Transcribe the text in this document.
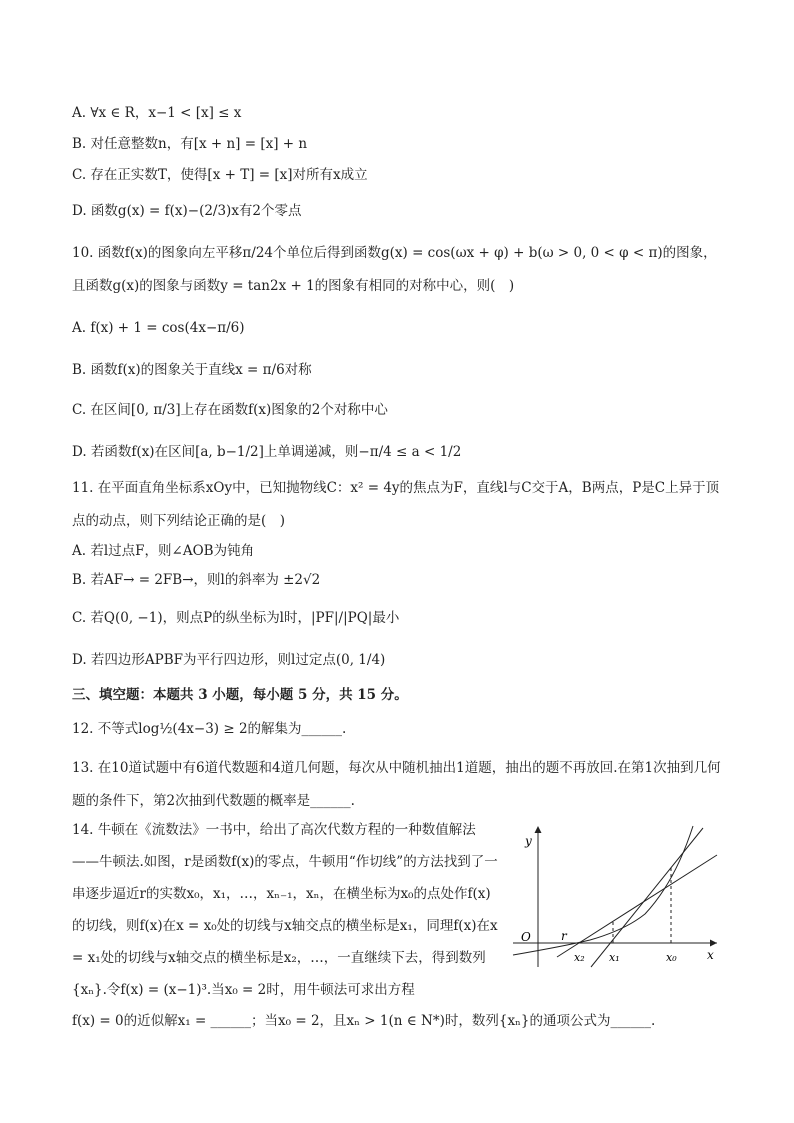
A. ∀x ∈ R，x−1 < [x] ≤ x
B. 对任意整数n，有[x + n] = [x] + n
C. 存在正实数T，使得[x + T] = [x]对所有x成立
D. 函数g(x) = f(x)−(2/3)x有2个零点
10. 函数f(x)的图象向左平移π/24个单位后得到函数g(x) = cos(ωx + φ) + b(ω > 0, 0 < φ < π)的图象，且函数g(x)的图象与函数y = tan2x + 1的图象有相同的对称中心，则(　)
A. f(x) + 1 = cos(4x−π/6)
B. 函数f(x)的图象关于直线x = π/6对称
C. 在区间[0, π/3]上存在函数f(x)图象的2个对称中心
D. 若函数f(x)在区间[a, b−1/2]上单调递减，则−π/4 ≤ a < 1/2
11. 在平面直角坐标系xOy中，已知抛物线C：x² = 4y的焦点为F，直线l与C交于A，B两点，P是C上异于顶点的动点，则下列结论正确的是(　)
A. 若l过点F，则∠AOB为钝角
B. 若AF→ = 2FB→，则l的斜率为 ±2√2
C. 若Q(0, −1)，则点P的纵坐标为l时，|PF|/|PQ|最小
D. 若四边形APBF为平行四边形，则l过定点(0, 1/4)
三、填空题：本题共 3 小题，每小题 5 分，共 15 分。
12. 不等式log½(4x−3) ≥ 2的解集为______.
13. 在10道试题中有6道代数题和4道几何题，每次从中随机抽出1道题，抽出的题不再放回.在第1次抽到几何题的条件下，第2次抽到代数题的概率是______.
14. 牛顿在《流数法》一书中，给出了高次代数方程的一种数值解法——牛顿法.如图，r是函数f(x)的零点，牛顿用“作切线”的方法找到了一串逐步逼近r的实数x₀，x₁，…，xₙ₋₁，xₙ，在横坐标为x₀的点处作f(x)的切线，则f(x)在x = x₀处的切线与x轴交点的横坐标是x₁，同理f(x)在x = x₁处的切线与x轴交点的横坐标是x₂，…，一直继续下去，得到数列{xₙ}.令f(x) = (x−1)³.当x₀ = 2时，用牛顿法可求出方程
f(x) = 0的近似解x₁ = ______；当x₀ = 2，且xₙ > 1(n ∈ N*)时，数列{xₙ}的通项公式为______.
y
x
O	r
x₂ x₁	x₀
